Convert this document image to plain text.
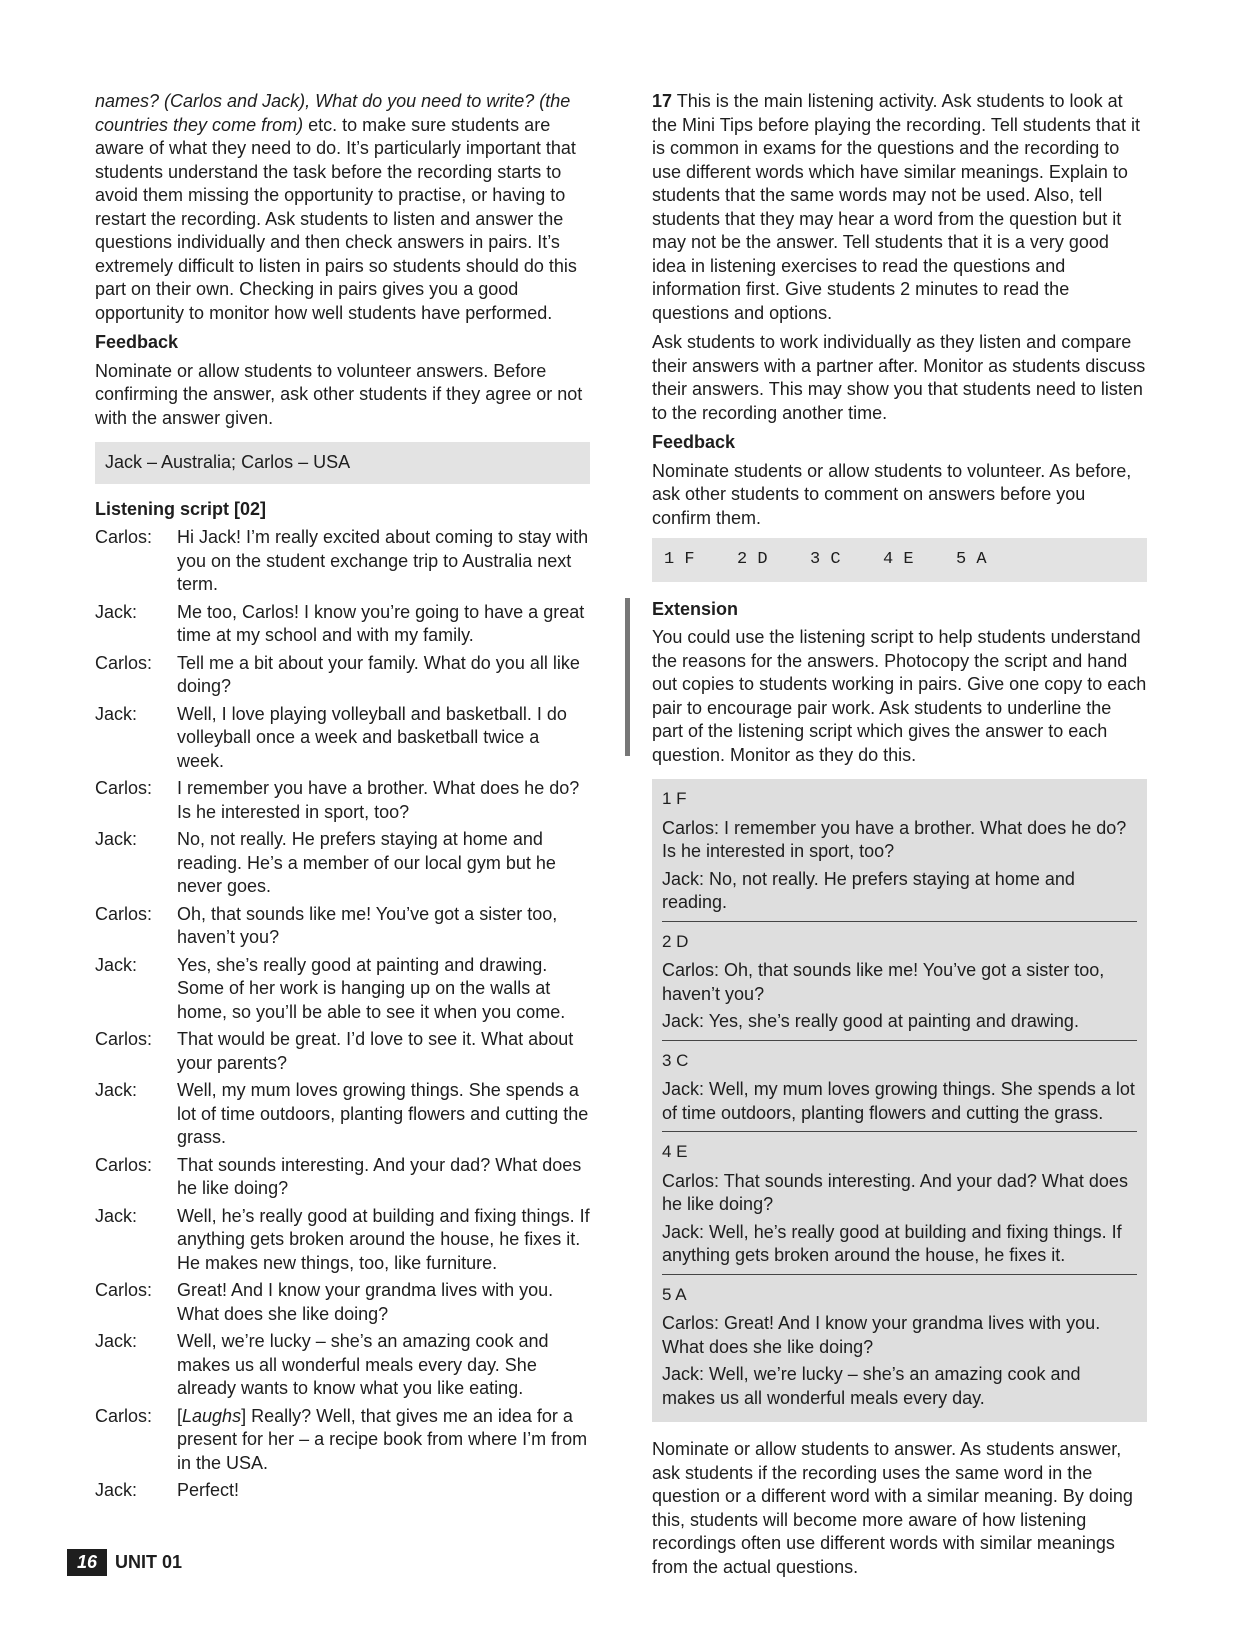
names? (Carlos and Jack), What do you need to write? (the countries they come from) etc. to make sure students are aware of what they need to do. It’s particularly important that students understand the task before the recording starts to avoid them missing the opportunity to practise, or having to restart the recording. Ask students to listen and answer the questions individually and then check answers in pairs. It’s extremely difficult to listen in pairs so students should do this part on their own. Checking in pairs gives you a good opportunity to monitor how well students have performed.

Feedback

Nominate or allow students to volunteer answers. Before confirming the answer, ask other students if they agree or not with the answer given.

Jack – Australia; Carlos – USA
Listening script [02]
Carlos:	Hi Jack! I’m really excited about coming to stay with you on the student exchange trip to Australia next term.
Jack:	Me too, Carlos! I know you’re going to have a great time at my school and with my family.
Carlos:	Tell me a bit about your family. What do you all like doing?
Jack:	Well, I love playing volleyball and basketball. I do volleyball once a week and basketball twice a week.
Carlos:	I remember you have a brother. What does he do? Is he interested in sport, too?
Jack:	No, not really. He prefers staying at home and reading. He’s a member of our local gym but he never goes.
Carlos:	Oh, that sounds like me! You’ve got a sister too, haven’t you?
Jack:	Yes, she’s really good at painting and drawing. Some of her work is hanging up on the walls at home, so you’ll be able to see it when you come.
Carlos:	That would be great. I’d love to see it. What about your parents?
Jack:	Well, my mum loves growing things. She spends a lot of time outdoors, planting flowers and cutting the grass.
Carlos:	That sounds interesting. And your dad? What does he like doing?
Jack:	Well, he’s really good at building and fixing things. If anything gets broken around the house, he fixes it. He makes new things, too, like furniture.
Carlos:	Great! And I know your grandma lives with you. What does she like doing?
Jack:	Well, we’re lucky – she’s an amazing cook and makes us all wonderful meals every day. She already wants to know what you like eating.
Carlos:	[Laughs] Really? Well, that gives me an idea for a present for her – a recipe book from where I’m from in the USA.
Jack:	Perfect!

17 This is the main listening activity. Ask students to look at the Mini Tips before playing the recording. Tell students that it is common in exams for the questions and the recording to use different words which have similar meanings. Explain to students that the same words may not be used. Also, tell students that they may hear a word from the question but it may not be the answer. Tell students that it is a very good idea in listening exercises to read the questions and information first. Give students 2 minutes to read the questions and options.

Ask students to work individually as they listen and compare their answers with a partner after. Monitor as students discuss their answers. This may show you that students need to listen to the recording another time.

Feedback

Nominate students or allow students to volunteer. As before, ask other students to comment on answers before you confirm them.

1 F	2 D	3 C	4 E	5 A
Extension

You could use the listening script to help students understand the reasons for the answers. Photocopy the script and hand out copies to students working in pairs. Give one copy to each pair to encourage pair work. Ask students to underline the part of the listening script which gives the answer to each question. Monitor as they do this.

1 F
Carlos: I remember you have a brother. What does he do? Is he interested in sport, too?
Jack: No, not really. He prefers staying at home and reading.
2 D
Carlos: Oh, that sounds like me! You’ve got a sister too, haven’t you?
Jack: Yes, she’s really good at painting and drawing.
3 C
Jack: Well, my mum loves growing things. She spends a lot of time outdoors, planting flowers and cutting the grass.
4 E
Carlos: That sounds interesting. And your dad? What does he like doing?
Jack: Well, he’s really good at building and fixing things. If anything gets broken around the house, he fixes it.
5 A
Carlos: Great! And I know your grandma lives with you. What does she like doing?
Jack: Well, we’re lucky – she’s an amazing cook and makes us all wonderful meals every day.

Nominate or allow students to answer. As students answer, ask students if the recording uses the same word in the question or a different word with a similar meaning. By doing this, students will become more aware of how listening recordings often use different words with similar meanings from the actual questions.

16	UNIT 01
